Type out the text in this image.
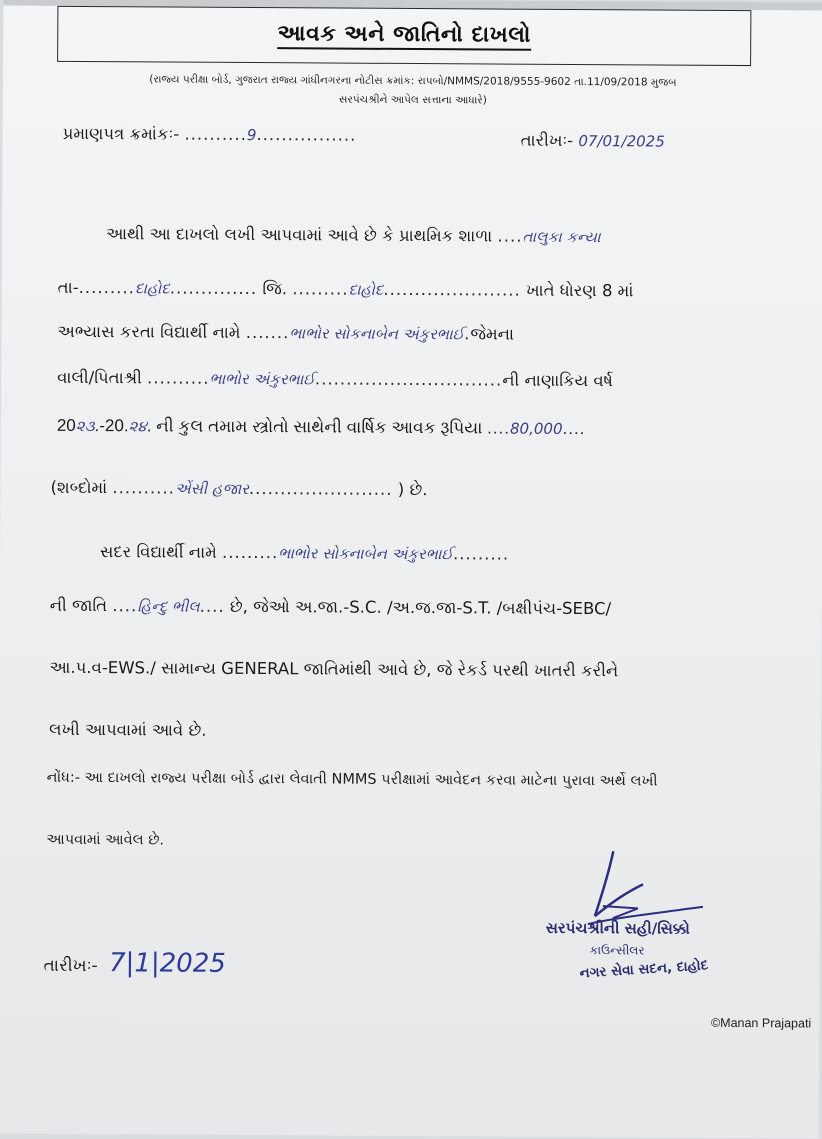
આવક અને જાતિનો દાખલો
(રાજ્ય પરીક્ષા બોર્ડ, ગુજરાત રાજ્ય ગાંધીનગરના નોટીસ ક્રમાંક: રાપબો/NMMS/2018/9555-9602 તા.11/09/2018 મુજબ
સરપંચશ્રીને આપેલ સત્તાના આધારે)
પ્રમાણપત્ર ક્રમાંકઃ- ..........9................	તારીખઃ- 07/01/2025
આથી આ દાખલો લખી આપવામાં આવે છે કે પ્રાથમિક શાળા ....તાલુકા કન્યા
તા-.........દાહોદ.............. જિ. .........દાહોદ...................... ખાતે ધોરણ 8 માં
અભ્યાસ કરતા વિદ્યાર્થી નામે .......ભાભોર સોકનાબેન અંકુરભાઈ.જેમના
વાલી/પિતાશ્રી ..........ભાભોર અંકુરભાઈ..............................ની નાણાકિય વર્ષ
20૨૩.-20.૨૪. ની કુલ તમામ સ્ત્રોતો સાથેની વાર્ષિક આવક રૂપિયા ....80,000....
(શબ્દોમાં ..........એંસી હજાર....................... ) છે.
સદર વિદ્યાર્થી નામે .........ભાભોર સોકનાબેન અંકુરભાઈ.........
ની જાતિ ....હિન્દુ ભીલ.... છે, જેઓ અ.જા.-S.C. /અ.જ.જા-S.T. /બક્ષીપંચ-SEBC/
આ.પ.વ-EWS./ સામાન્ય GENERAL જાતિમાંથી આવે છે, જે રેકર્ડ પરથી ખાતરી કરીને
લખી આપવામાં આવે છે.
નોંધ:- આ દાખલો રાજ્ય પરીક્ષા બોર્ડ દ્વારા લેવાતી NMMS પરીક્ષામાં આવેદન કરવા માટેના પુરાવા અર્થે લખી
આપવામાં આવેલ છે.
સરપંચશ્રીની સહી/સિક્કો
કાઉન્સીલર
નગર સેવા સદન, દાહોદ
તારીખઃ- 7|1|2025
©Manan Prajapati
